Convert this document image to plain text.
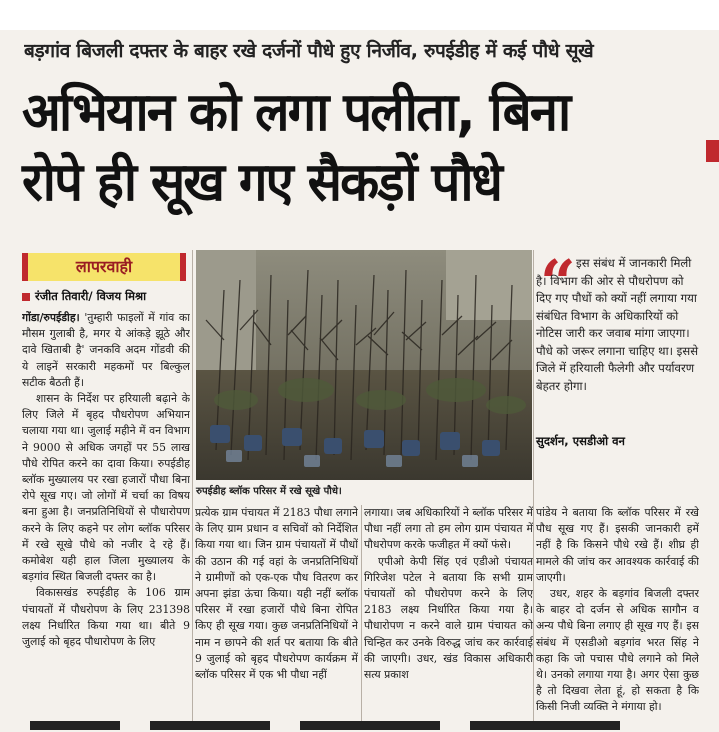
बड़गांव बिजली दफ्तर के बाहर रखे दर्जनों पौधे हुए निर्जीव, रुपईडीह में कई पौधे सूखे
अभियान को लगा पलीता, बिना
रोपे ही सूख गए सैकड़ों पौधे
लापरवाही
रंजीत तिवारी/ विजय मिश्रा

गोंडा/रुपईडीह। 'तुम्हारी फाइलों में गांव का मौसम गुलाबी है, मगर ये आंकड़े झूठे और दावे खिताबी है' जनकवि अदम गोंडवी की ये लाइनें सरकारी महकमों पर बिल्कुल सटीक बैठती हैं।

शासन के निर्देश पर हरियाली बढ़ाने के लिए जिले में बृहद पौधरोपण अभियान चलाया गया था। जुलाई महीने में वन विभाग ने 9000 से अधिक जगहों पर 55 लाख पौधे रोपित करने का दावा किया। रुपईडीह ब्लॉक मुख्यालय पर रखा हजारों पौधा बिना रोपे सूख गए। जो लोगों में चर्चा का विषय बना हुआ है। जनप्रतिनिधियों से पौधारोपण करने के लिए कहने पर लोग ब्लॉक परिसर में रखे सूखे पौधे को नजीर दे रहे हैं। कमोबेश यही हाल जिला मुख्यालय के बड़गांव स्थित बिजली दफ्तर का है।

विकासखंड रुपईडीह के 106 ग्राम पंचायतों में पौधरोपण के लिए 231398 लक्ष्य निर्धारित किया गया था। बीते 9 जुलाई को बृहद पौधारोपण के लिए

रुपईडीह ब्लॉक परिसर में रखे सूखे पौधे।
“ इस संबंध में जानकारी मिली है। विभाग की ओर से पौधरोपण को दिए गए पौधों को क्यों नहीं लगाया गया संबंधित विभाग के अधिकारियों को नोटिस जारी कर जवाब मांगा जाएगा। पौधे को जरूर लगाना चाहिए था। इससे जिले में हरियाली फैलेगी और पर्यावरण बेहतर होगा।
सुदर्शन, एसडीओ वन

प्रत्येक ग्राम पंचायत में 2183 पौधा लगाने के लिए ग्राम प्रधान व सचिवों को निर्देशित किया गया था। जिन ग्राम पंचायतों में पौधों की उठान की गई वहां के जनप्रतिनिधियों ने ग्रामीणों को एक-एक पौध वितरण कर अपना झंडा ऊंचा किया। यही नहीं ब्लॉक परिसर में रखा हजारों पौधे बिना रोपित किए ही सूख गया। कुछ जनप्रतिनिधियों ने नाम न छापने की शर्त पर बताया कि बीते 9 जुलाई को बृहद पौधरोपण कार्यक्रम में ब्लॉक परिसर में एक भी पौधा नहीं

लगाया। जब अधिकारियों ने ब्लॉक परिसर में पौधा नहीं लगा तो हम लोग ग्राम पंचायत में पौधरोपण करके फजीहत में क्यों फंसे।

एपीओ केपी सिंह एवं एडीओ पंचायत गिरिजेश पटेल ने बताया कि सभी ग्राम पंचायतों को पौधरोपण करने के लिए 2183 लक्ष्य निर्धारित किया गया है। पौधारोपण न करने वाले ग्राम पंचायत को चिन्हित कर उनके विरुद्ध जांच कर कार्रवाई की जाएगी। उधर, खंड विकास अधिकारी सत्य प्रकाश

पांडेय ने बताया कि ब्लॉक परिसर में रखे पौध सूख गए हैं। इसकी जानकारी हमें नहीं है कि किसने पौधे रखे हैं। शीघ्र ही मामले की जांच कर आवश्यक कार्रवाई की जाएगी।

उधर, शहर के बड़गांव बिजली दफ्तर के बाहर दो दर्जन से अधिक सागौन व अन्य पौधे बिना लगाए ही सूख गए हैं। इस संबंध में एसडीओ बड़गांव भरत सिंह ने कहा कि जो पचास पौधे लगाने को मिले थे। उनको लगाया गया है। अगर ऐसा कुछ है तो दिखवा लेता हूं, हो सकता है कि किसी निजी व्यक्ति ने मंगाया हो।
